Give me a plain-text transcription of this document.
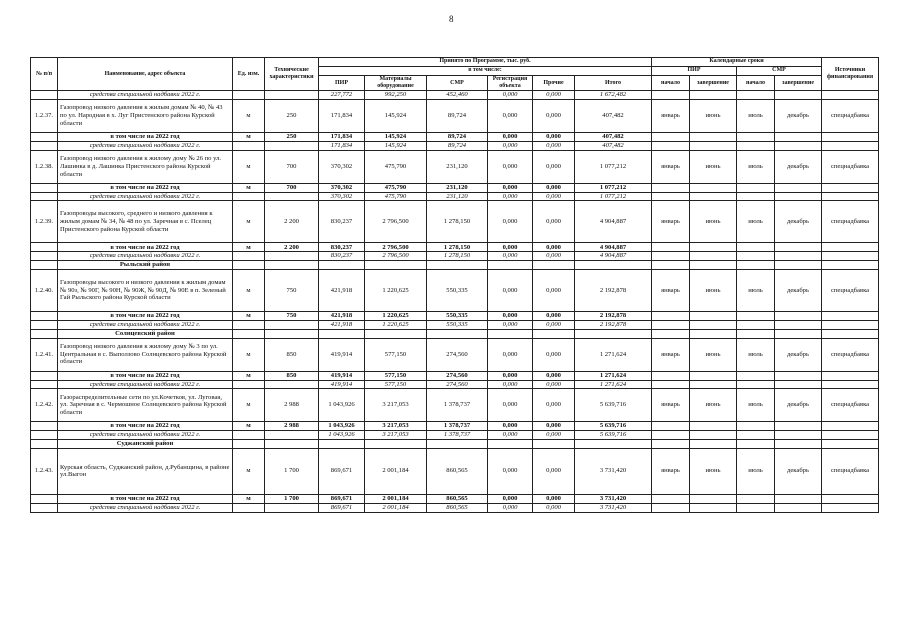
8
№ п/п	Наименование, адрес объекта	Ед. изм.	Технические характеристики	Принято по Программе, тыс. руб.						Календарные сроки				Источники финансирования
				в том числе:						ПИР		СМР		
				ПИР	Материалы оборудование	СМР	Регистрация объекта	Прочие	Итого	начало	завершение	начало	завершение	
	средства специальной надбавки 2022 г.			227,772	992,250	452,460	0,000	0,000	1 672,482					
1.2.37.	Газопровод низкого давления к жилым домам № 40, № 43 по ул. Народная в х. Луг Пристенского района Курской области	м	250	171,834	145,924	89,724	0,000	0,000	407,482	январь	июнь	июль	декабрь	спецнадбавка
	в том числе на 2022 год	м	250	171,834	145,924	89,724	0,000	0,000	407,482					
	средства специальной надбавки 2022 г.			171,834	145,924	89,724	0,000	0,000	407,482					
1.2.38.	Газопровод низкого давления к жилому дому № 26 по ул. Лашинка в д. Лашинка Пристенского района Курской области	м	700	370,302	475,790	231,120	0,000	0,000	1 077,212	январь	июнь	июль	декабрь	спецнадбавка
	в том числе на 2022 год	м	700	370,302	475,790	231,120	0,000	0,000	1 077,212					
	средства специальной надбавки 2022 г.			370,302	475,790	231,120	0,000	0,000	1 077,212					
1.2.39.	Газопроводы высокого, среднего и низкого давления к жилым домам № 34, № 48 по ул. Заречная в с. Пселец Пристенского района Курской области	м	2 200	830,237	2 796,500	1 278,150	0,000	0,000	4 904,887	январь	июнь	июль	декабрь	спецнадбавка
	в том числе на 2022 год	м	2 200	830,237	2 796,500	1 278,150	0,000	0,000	4 904,887					
	средства специальной надбавки 2022 г.			830,237	2 796,500	1 278,150	0,000	0,000	4 904,887					
	Рыльский район													
1.2.40.	Газопроводы высокого и низкого давления к жилым домам № 90з, № 90Г, № 90Н, № 90Ж, № 90Д, № 90Е в п. Зеленый Гай Рыльского района Курской области	м	750	421,918	1 220,625	550,335	0,000	0,000	2 192,878	январь	июнь	июль	декабрь	спецнадбавка
	в том числе на 2022 год	м	750	421,918	1 220,625	550,335	0,000	0,000	2 192,878					
	средства специальной надбавки 2022 г.			421,918	1 220,625	550,335	0,000	0,000	2 192,878					
	Солнцевский район													
1.2.41.	Газопровод низкого давления к жилому дому № 3 по ул. Центральная в с. Выползово Солнцевского района Курской области	м	850	419,914	577,150	274,560	0,000	0,000	1 271,624	январь	июнь	июль	декабрь	спецнадбавка
	в том числе на 2022 год	м	850	419,914	577,150	274,560	0,000	0,000	1 271,624					
	средства специальной надбавки 2022 г.			419,914	577,150	274,560	0,000	0,000	1 271,624					
1.2.42.	Газораспределительные сети по ул.Кочетков, ул. Луговая, ул. Заречная в с. Чермошное Солнцевского района Курской области	м	2 988	1 043,926	3 217,053	1 378,737	0,000	0,000	5 639,716	январь	июнь	июль	декабрь	спецнадбавка
	в том числе на 2022 год	м	2 988	1 043,926	3 217,053	1 378,737	0,000	0,000	5 639,716					
	средства специальной надбавки 2022 г.			1 043,926	3 217,053	1 378,737	0,000	0,000	5 639,716					
	Суджанский район													
1.2.43.	Курская область, Суджанский район, д.Рубанщина, в районе ул.Выгон	м	1 700	869,671	2 001,184	860,565	0,000	0,000	3 731,420	январь	июнь	июль	декабрь	спецнадбавка
	в том числе на 2022 год	м	1 700	869,671	2 001,184	860,565	0,000	0,000	3 731,420					
	средства специальной надбавки 2022 г.			869,671	2 001,184	860,565	0,000	0,000	3 731,420					
